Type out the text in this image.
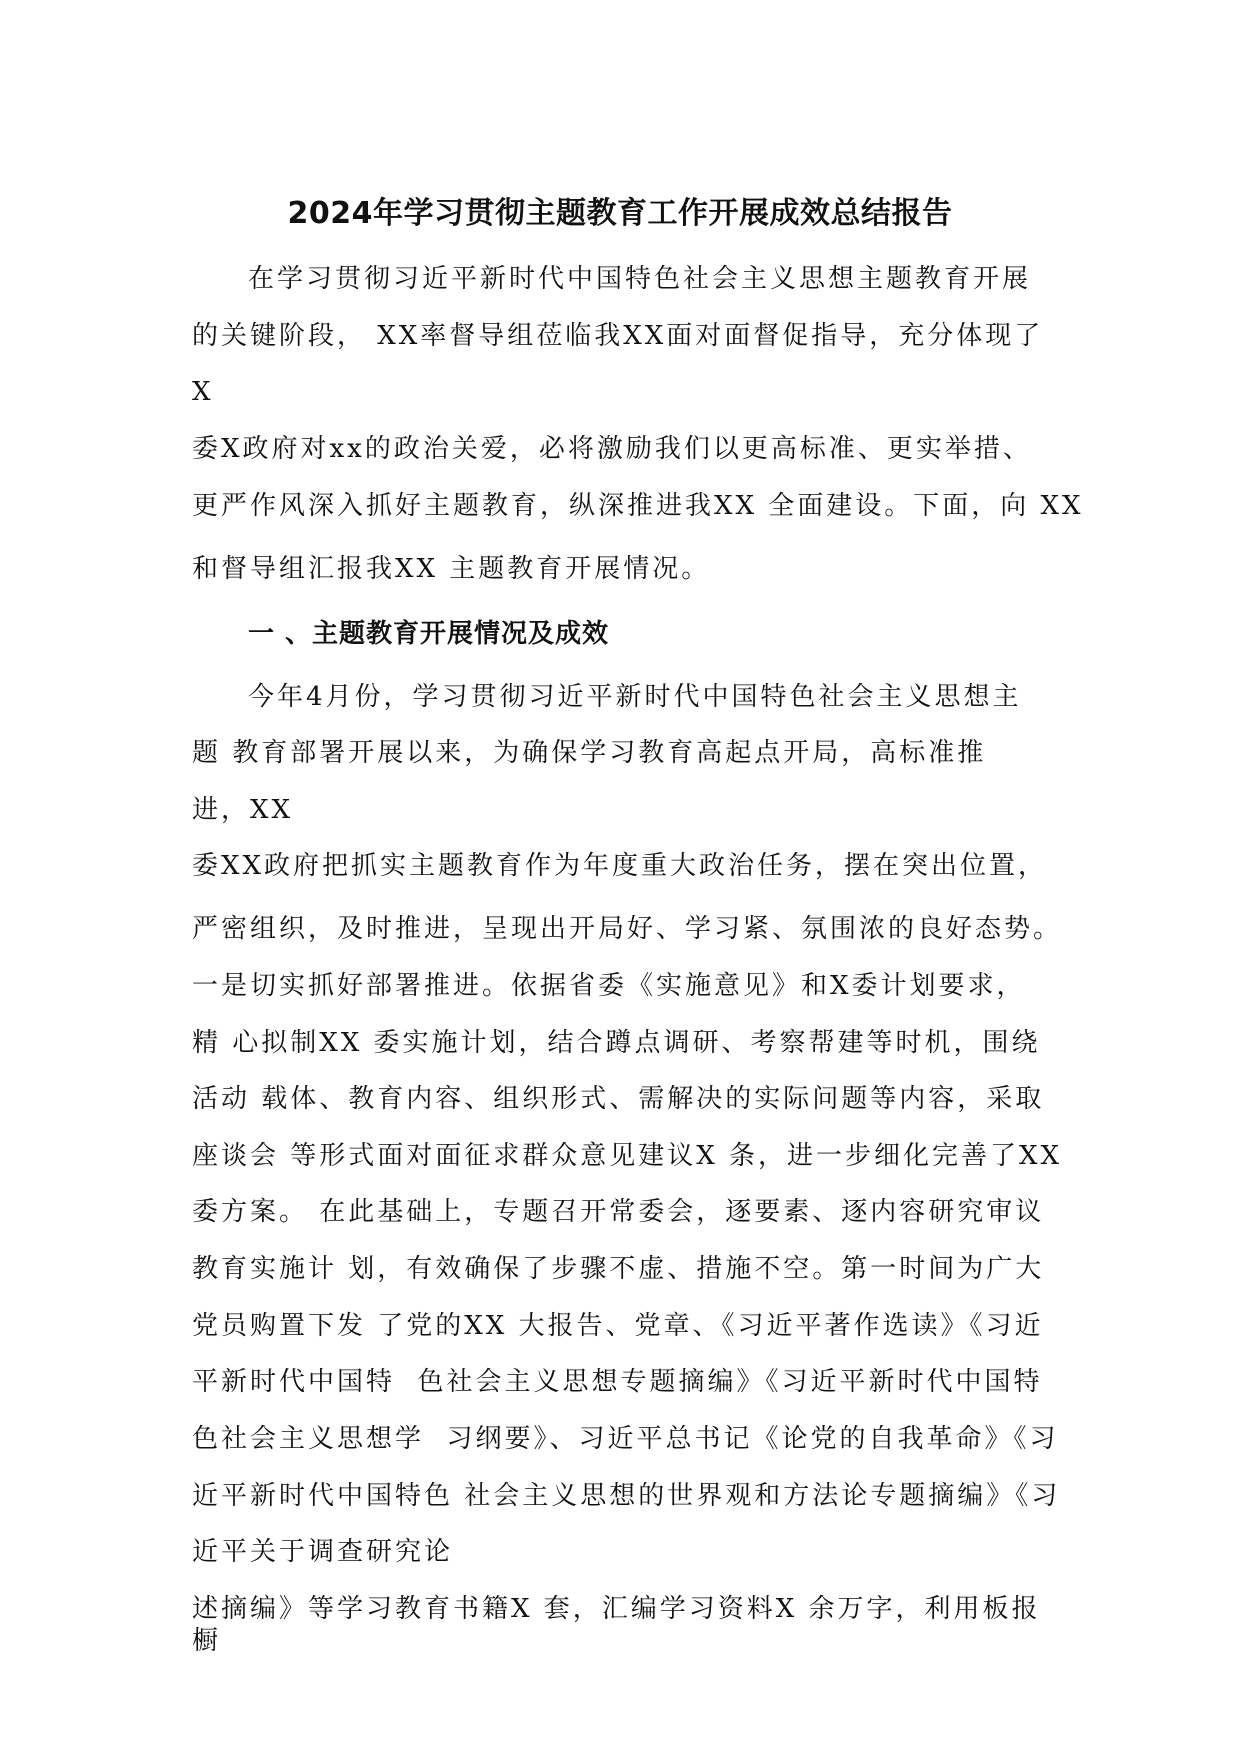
2024年学习贯彻主题教育工作开展成效总结报告
在学习贯彻习近平新时代中国特色社会主义思想主题教育开展
的关键阶段， XX率督导组莅临我XX面对面督促指导，充分体现了
X
委X政府对xx的政治关爱，必将激励我们以更高标准、更实举措、
更严作风深入抓好主题教育，纵深推进我XX 全面建设。下面，向 XX
和督导组汇报我XX 主题教育开展情况。
一 、主题教育开展情况及成效
今年4月份，学习贯彻习近平新时代中国特色社会主义思想主
题 教育部署开展以来，为确保学习教育高起点开局，高标准推
进，XX
委XX政府把抓实主题教育作为年度重大政治任务，摆在突出位置，
严密组织，及时推进，呈现出开局好、学习紧、氛围浓的良好态势。
一是切实抓好部署推进。依据省委《实施意见》和X委计划要求，
精 心拟制XX 委实施计划，结合蹲点调研、考察帮建等时机，围绕
活动 载体、教育内容、组织形式、需解决的实际问题等内容，采取
座谈会 等形式面对面征求群众意见建议X 条，进一步细化完善了XX
委方案。 在此基础上，专题召开常委会，逐要素、逐内容研究审议
教育实施计 划，有效确保了步骤不虚、措施不空。第一时间为广大
党员购置下发 了党的XX 大报告、党章、《习近平著作选读》《习近
平新时代中国特  色社会主义思想专题摘编》《习近平新时代中国特
色社会主义思想学  习纲要》、习近平总书记《论党的自我革命》《习
近平新时代中国特色 社会主义思想的世界观和方法论专题摘编》《习
近平关于调查研究论
述摘编》等学习教育书籍X 套，汇编学习资料X 余万字，利用板报
橱
